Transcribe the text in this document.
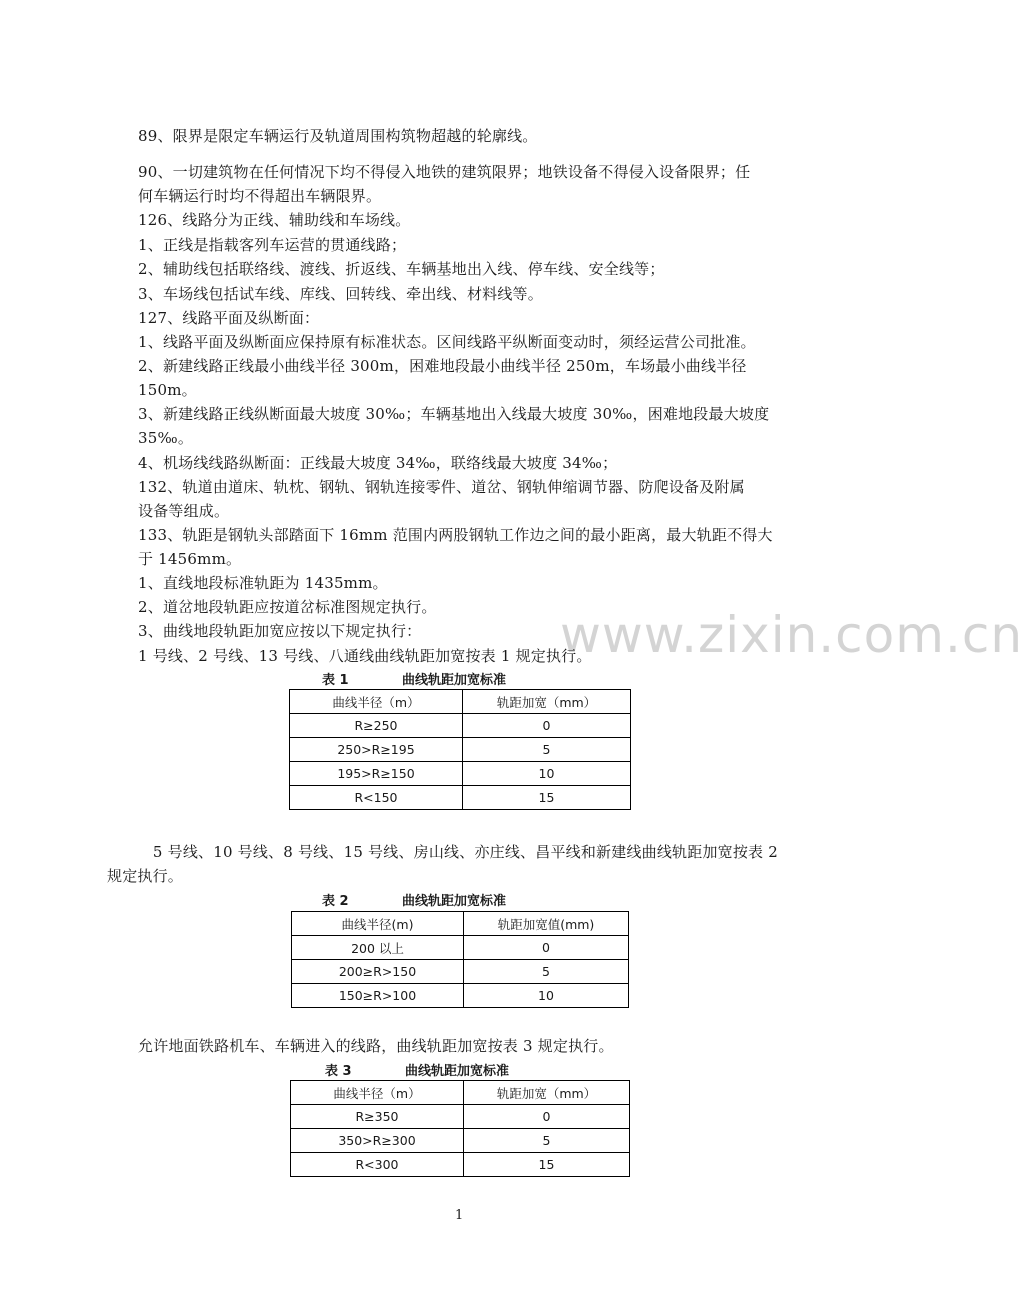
www.zixin.com.cn
89、限界是限定车辆运行及轨道周围构筑物超越的轮廓线。
90、一切建筑物在任何情况下均不得侵入地铁的建筑限界；地铁设备不得侵入设备限界；任
何车辆运行时均不得超出车辆限界。
126、线路分为正线、辅助线和车场线。
1、正线是指载客列车运营的贯通线路；
2、辅助线包括联络线、渡线、折返线、车辆基地出入线、停车线、安全线等；
3、车场线包括试车线、库线、回转线、牵出线、材料线等。
127、线路平面及纵断面：
1、线路平面及纵断面应保持原有标准状态。区间线路平纵断面变动时，须经运营公司批准。
2、新建线路正线最小曲线半径 300m，困难地段最小曲线半径 250m，车场最小曲线半径
150m。
3、新建线路正线纵断面最大坡度 30‰；车辆基地出入线最大坡度 30‰，困难地段最大坡度
35‰。
4、机场线线路纵断面：正线最大坡度 34‰，联络线最大坡度 34‰；
132、轨道由道床、轨枕、钢轨、钢轨连接零件、道岔、钢轨伸缩调节器、防爬设备及附属
设备等组成。
133、轨距是钢轨头部踏面下 16mm 范围内两股钢轨工作边之间的最小距离，最大轨距不得大
于 1456mm。
1、直线地段标准轨距为 1435mm。
2、道岔地段轨距应按道岔标准图规定执行。
3、曲线地段轨距加宽应按以下规定执行：
1 号线、2 号线、13 号线、八通线曲线轨距加宽按表 1 规定执行。
表 1	曲线轨距加宽标准
曲线半径（m）	轨距加宽（mm）
R≥250	0
250>R≥195	5
195>R≥150	10
R<150	15
5 号线、10 号线、8 号线、15 号线、房山线、亦庄线、昌平线和新建线曲线轨距加宽按表 2
规定执行。
表 2	曲线轨距加宽标准
曲线半径(m)	轨距加宽值(mm)
200 以上	0
200≥R>150	5
150≥R>100	10
允许地面铁路机车、车辆进入的线路，曲线轨距加宽按表 3 规定执行。
表 3	曲线轨距加宽标准
曲线半径（m）	轨距加宽（mm）
R≥350	0
350>R≥300	5
R<300	15
1
